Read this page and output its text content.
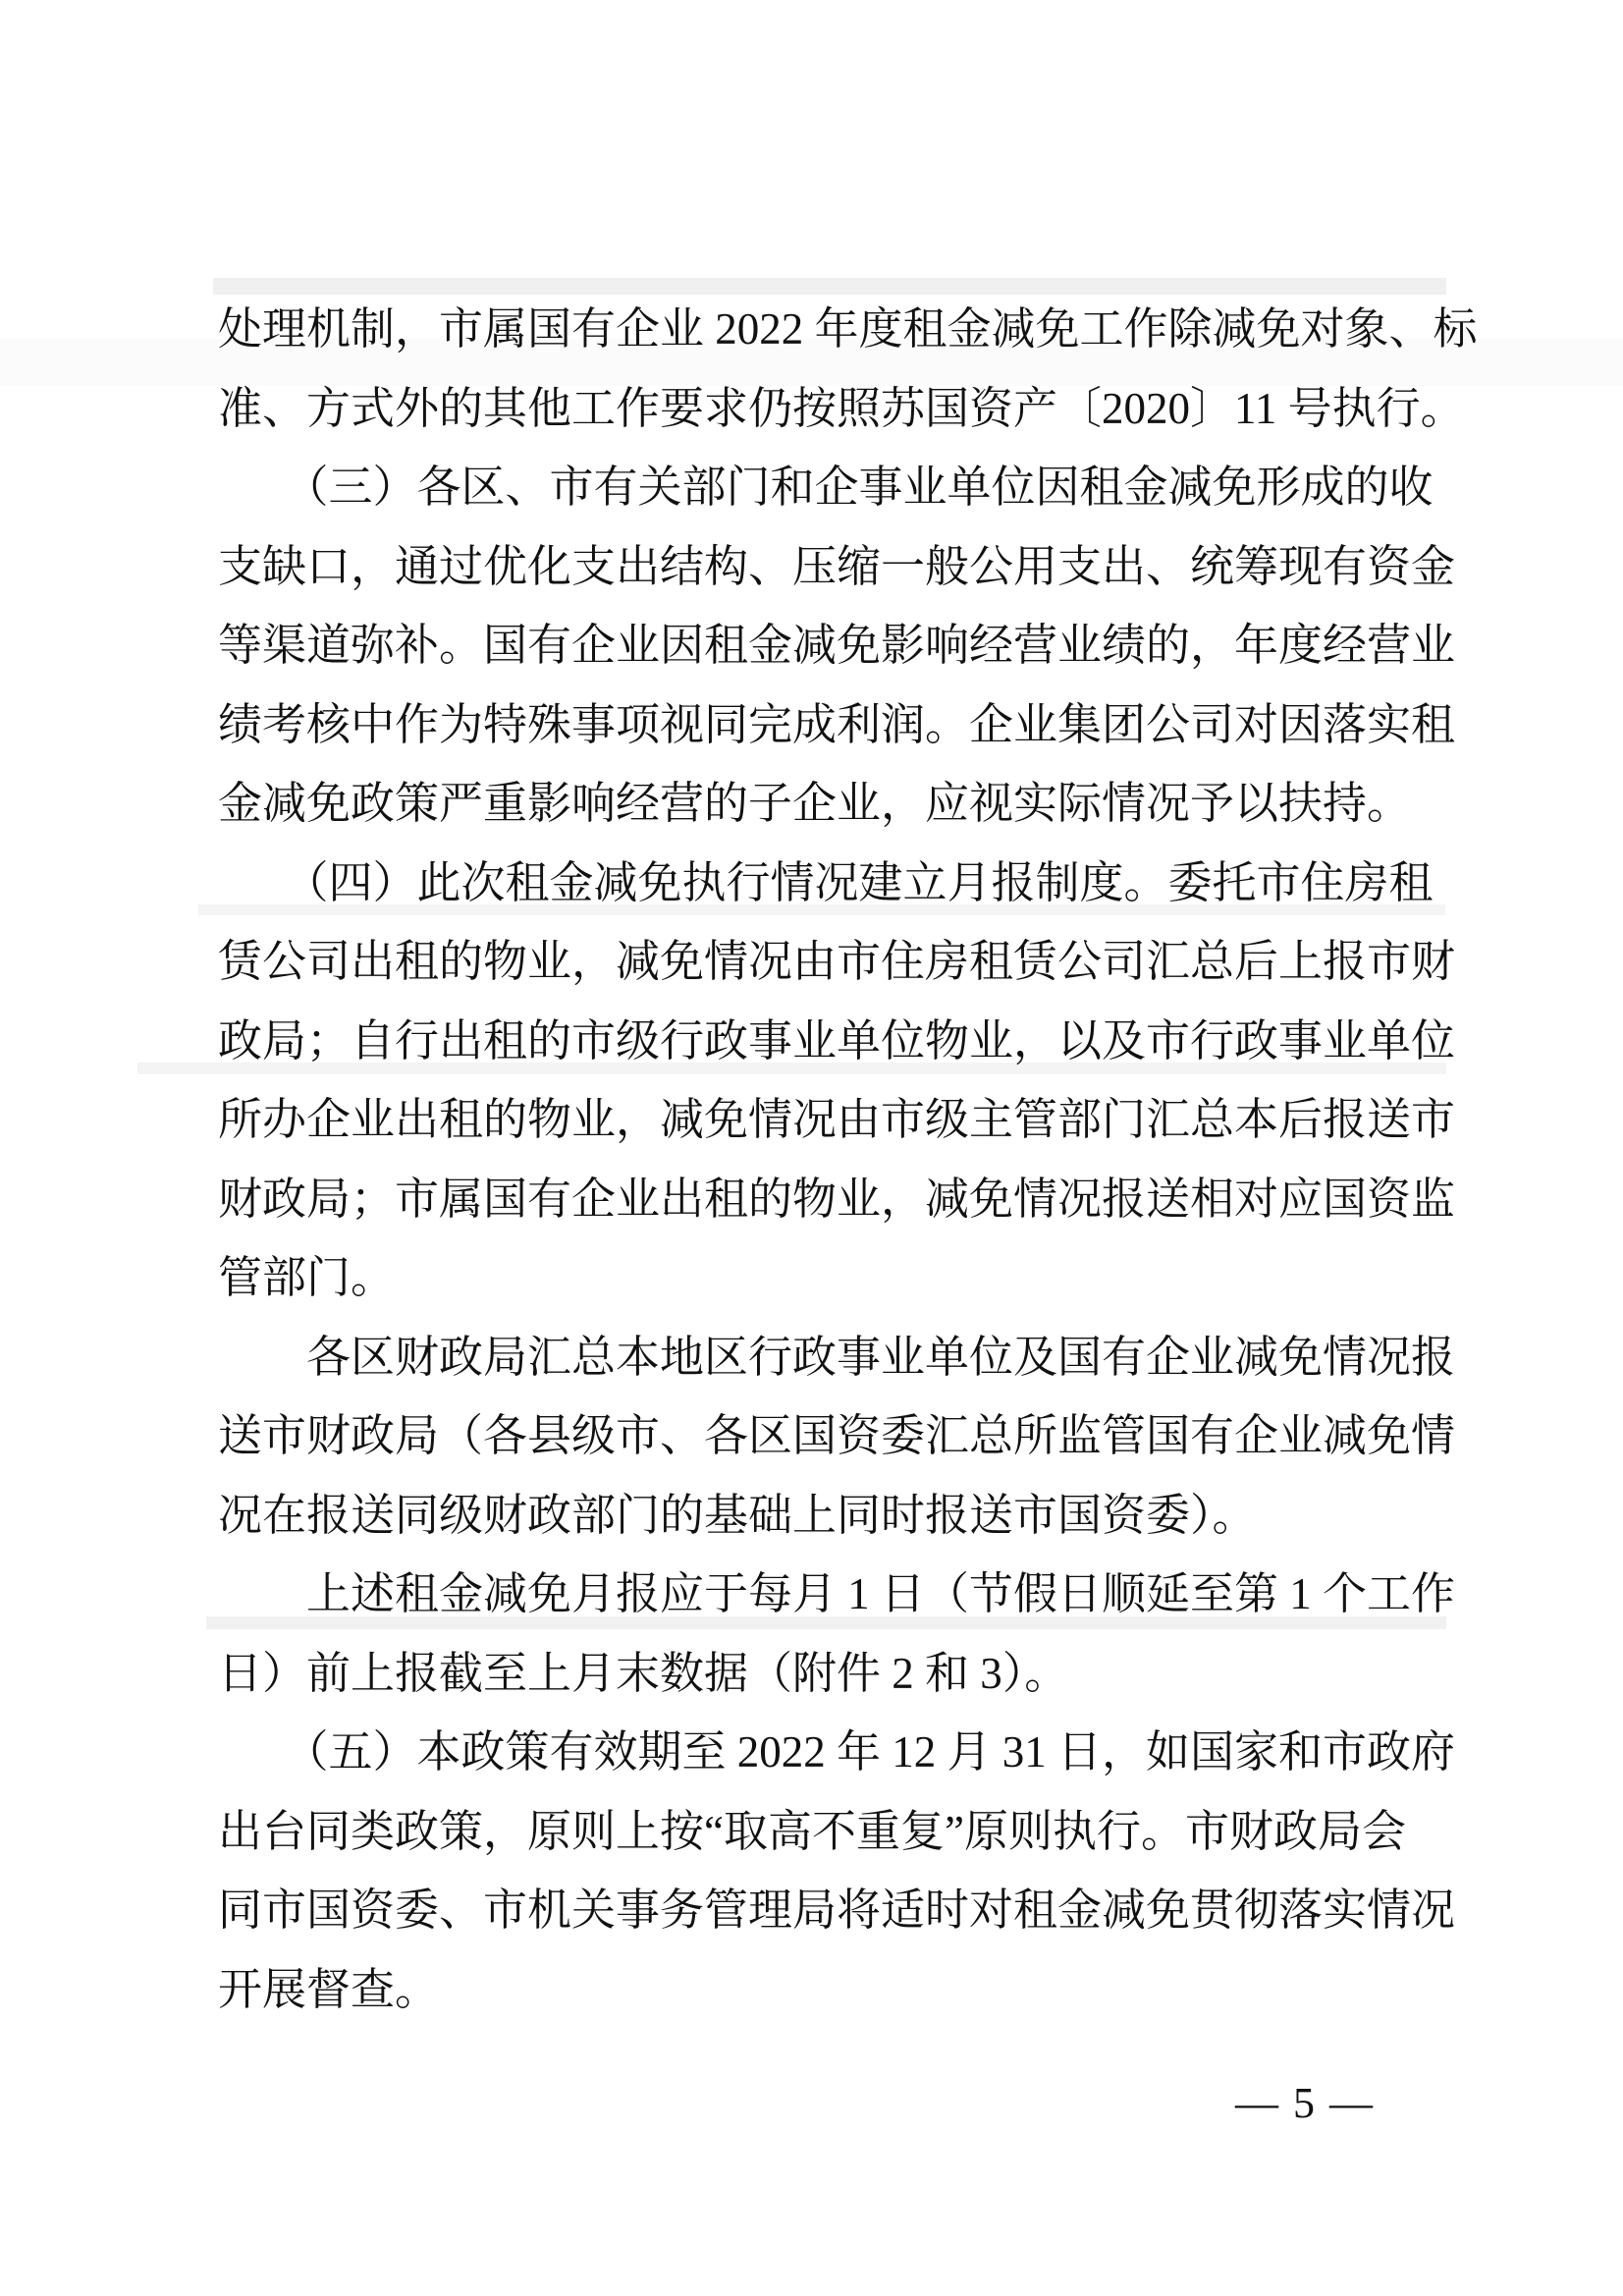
处理机制，市属国有企业 2022 年度租金减免工作除减免对象、标
准、方式外的其他工作要求仍按照苏国资产〔2020〕11 号执行。
　　（三）各区、市有关部门和企事业单位因租金减免形成的收
支缺口，通过优化支出结构、压缩一般公用支出、统筹现有资金
等渠道弥补。国有企业因租金减免影响经营业绩的，年度经营业
绩考核中作为特殊事项视同完成利润。企业集团公司对因落实租
金减免政策严重影响经营的子企业，应视实际情况予以扶持。
　　（四）此次租金减免执行情况建立月报制度。委托市住房租
赁公司出租的物业，减免情况由市住房租赁公司汇总后上报市财
政局；自行出租的市级行政事业单位物业，以及市行政事业单位
所办企业出租的物业，减免情况由市级主管部门汇总本后报送市
财政局；市属国有企业出租的物业，减免情况报送相对应国资监
管部门。
　　各区财政局汇总本地区行政事业单位及国有企业减免情况报
送市财政局（各县级市、各区国资委汇总所监管国有企业减免情
况在报送同级财政部门的基础上同时报送市国资委）。
　　上述租金减免月报应于每月 1 日（节假日顺延至第 1 个工作
日）前上报截至上月末数据（附件 2 和 3）。
　　（五）本政策有效期至 2022 年 12 月 31 日，如国家和市政府
出台同类政策，原则上按“取高不重复”原则执行。市财政局会
同市国资委、市机关事务管理局将适时对租金减免贯彻落实情况
开展督查。
— 5 —
